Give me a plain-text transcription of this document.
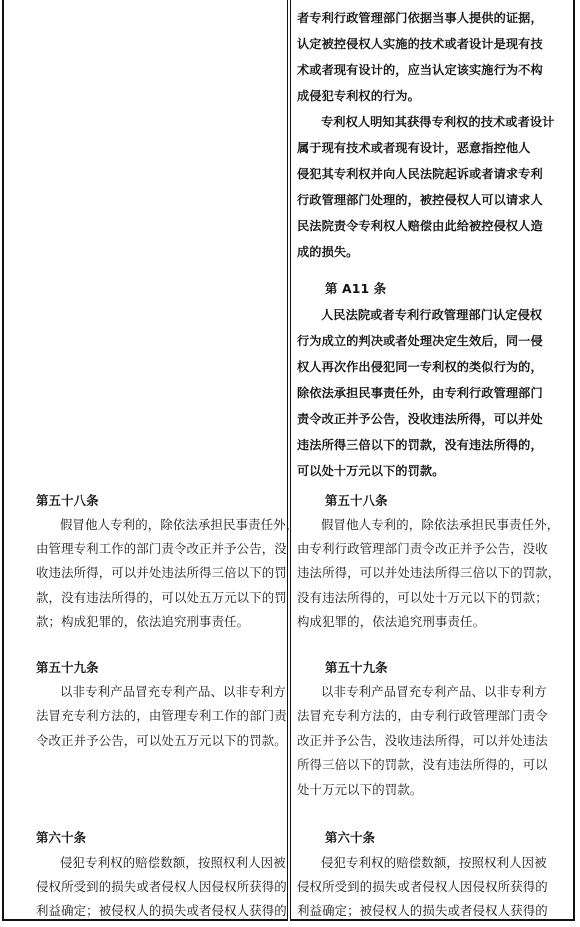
第五十八条
假冒他人专利的，除依法承担民事责任外，
由管理专利工作的部门责令改正并予公告，没
收违法所得，可以并处违法所得三倍以下的罚
款，没有违法所得的，可以处五万元以下的罚
款；构成犯罪的，依法追究刑事责任。
第五十九条
以非专利产品冒充专利产品、以非专利方
法冒充专利方法的，由管理专利工作的部门责
令改正并予公告，可以处五万元以下的罚款。
第六十条
侵犯专利权的赔偿数额，按照权利人因被
侵权所受到的损失或者侵权人因侵权所获得的
利益确定；被侵权人的损失或者侵权人获得的
者专利行政管理部门依据当事人提供的证据，
认定被控侵权人实施的技术或者设计是现有技
术或者现有设计的，应当认定该实施行为不构
成侵犯专利权的行为。
专利权人明知其获得专利权的技术或者设计
属于现有技术或者现有设计，恶意指控他人
侵犯其专利权并向人民法院起诉或者请求专利
行政管理部门处理的，被控侵权人可以请求人
民法院责令专利权人赔偿由此给被控侵权人造
成的损失。
第 A11 条
人民法院或者专利行政管理部门认定侵权
行为成立的判决或者处理决定生效后，同一侵
权人再次作出侵犯同一专利权的类似行为的，
除依法承担民事责任外，由专利行政管理部门
责令改正并予公告，没收违法所得，可以并处
违法所得三倍以下的罚款，没有违法所得的，
可以处十万元以下的罚款。
第五十八条
假冒他人专利的，除依法承担民事责任外，
由专利行政管理部门责令改正并予公告，没收
违法所得，可以并处违法所得三倍以下的罚款，
没有违法所得的，可以处十万元以下的罚款；
构成犯罪的，依法追究刑事责任。
第五十九条
以非专利产品冒充专利产品、以非专利方
法冒充专利方法的，由专利行政管理部门责令
改正并予公告，没收违法所得，可以并处违法
所得三倍以下的罚款，没有违法所得的，可以
处十万元以下的罚款。
第六十条
侵犯专利权的赔偿数额，按照权利人因被
侵权所受到的损失或者侵权人因侵权所获得的
利益确定；被侵权人的损失或者侵权人获得的
